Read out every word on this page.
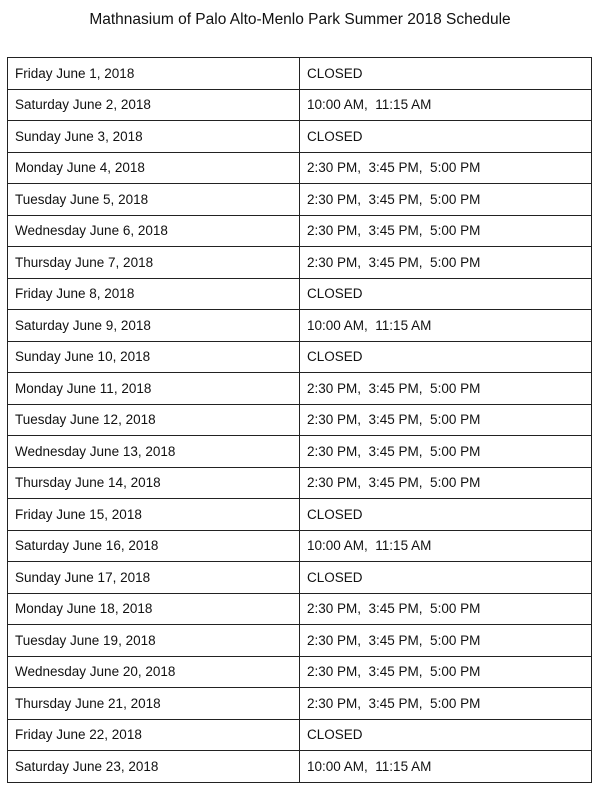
Mathnasium of Palo Alto-Menlo Park Summer 2018 Schedule
Friday June 1, 2018	CLOSED
Saturday June 2, 2018	10:00 AM,  11:15 AM
Sunday June 3, 2018	CLOSED
Monday June 4, 2018	2:30 PM,  3:45 PM,  5:00 PM
Tuesday June 5, 2018	2:30 PM,  3:45 PM,  5:00 PM
Wednesday June 6, 2018	2:30 PM,  3:45 PM,  5:00 PM
Thursday June 7, 2018	2:30 PM,  3:45 PM,  5:00 PM
Friday June 8, 2018	CLOSED
Saturday June 9, 2018	10:00 AM,  11:15 AM
Sunday June 10, 2018	CLOSED
Monday June 11, 2018	2:30 PM,  3:45 PM,  5:00 PM
Tuesday June 12, 2018	2:30 PM,  3:45 PM,  5:00 PM
Wednesday June 13, 2018	2:30 PM,  3:45 PM,  5:00 PM
Thursday June 14, 2018	2:30 PM,  3:45 PM,  5:00 PM
Friday June 15, 2018	CLOSED
Saturday June 16, 2018	10:00 AM,  11:15 AM
Sunday June 17, 2018	CLOSED
Monday June 18, 2018	2:30 PM,  3:45 PM,  5:00 PM
Tuesday June 19, 2018	2:30 PM,  3:45 PM,  5:00 PM
Wednesday June 20, 2018	2:30 PM,  3:45 PM,  5:00 PM
Thursday June 21, 2018	2:30 PM,  3:45 PM,  5:00 PM
Friday June 22, 2018	CLOSED
Saturday June 23, 2018	10:00 AM,  11:15 AM
